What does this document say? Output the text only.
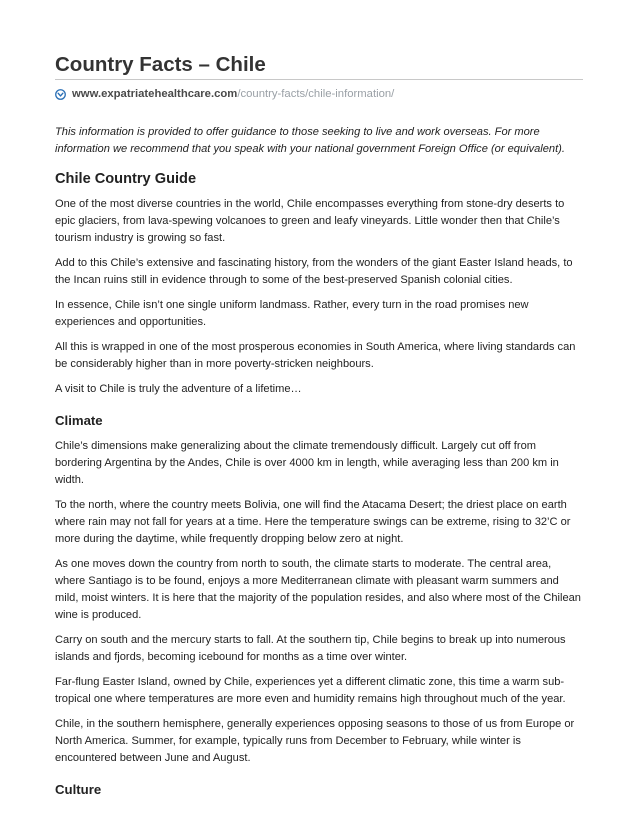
Country Facts – Chile
www.expatriatehealthcare.com /country-facts/chile-information/

This information is provided to offer guidance to those seeking to live and work overseas. For more information we recommend that you speak with your national government Foreign Office (or equivalent).

Chile Country Guide

One of the most diverse countries in the world, Chile encompasses everything from stone-dry deserts to epic glaciers, from lava-spewing volcanoes to green and leafy vineyards. Little wonder then that Chile’s tourism industry is growing so fast.

Add to this Chile’s extensive and fascinating history, from the wonders of the giant Easter Island heads, to the Incan ruins still in evidence through to some of the best-preserved Spanish colonial cities.

In essence, Chile isn’t one single uniform landmass. Rather, every turn in the road promises new experiences and opportunities.

All this is wrapped in one of the most prosperous economies in South America, where living standards can be considerably higher than in more poverty-stricken neighbours.

A visit to Chile is truly the adventure of a lifetime…

Climate

Chile’s dimensions make generalizing about the climate tremendously difficult. Largely cut off from bordering Argentina by the Andes, Chile is over 4000 km in length, while averaging less than 200 km in width.

To the north, where the country meets Bolivia, one will find the Atacama Desert; the driest place on earth where rain may not fall for years at a time. Here the temperature swings can be extreme, rising to 32’C or more during the daytime, while frequently dropping below zero at night.

As one moves down the country from north to south, the climate starts to moderate. The central area, where Santiago is to be found, enjoys a more Mediterranean climate with pleasant warm summers and mild, moist winters. It is here that the majority of the population resides, and also where most of the Chilean wine is produced.

Carry on south and the mercury starts to fall. At the southern tip, Chile begins to break up into numerous islands and fjords, becoming icebound for months as a time over winter.

Far-flung Easter Island, owned by Chile, experiences yet a different climatic zone, this time a warm sub-tropical one where temperatures are more even and humidity remains high throughout much of the year.

Chile, in the southern hemisphere, generally experiences opposing seasons to those of us from Europe or North America. Summer, for example, typically runs from December to February, while winter is encountered between June and August.

Culture
